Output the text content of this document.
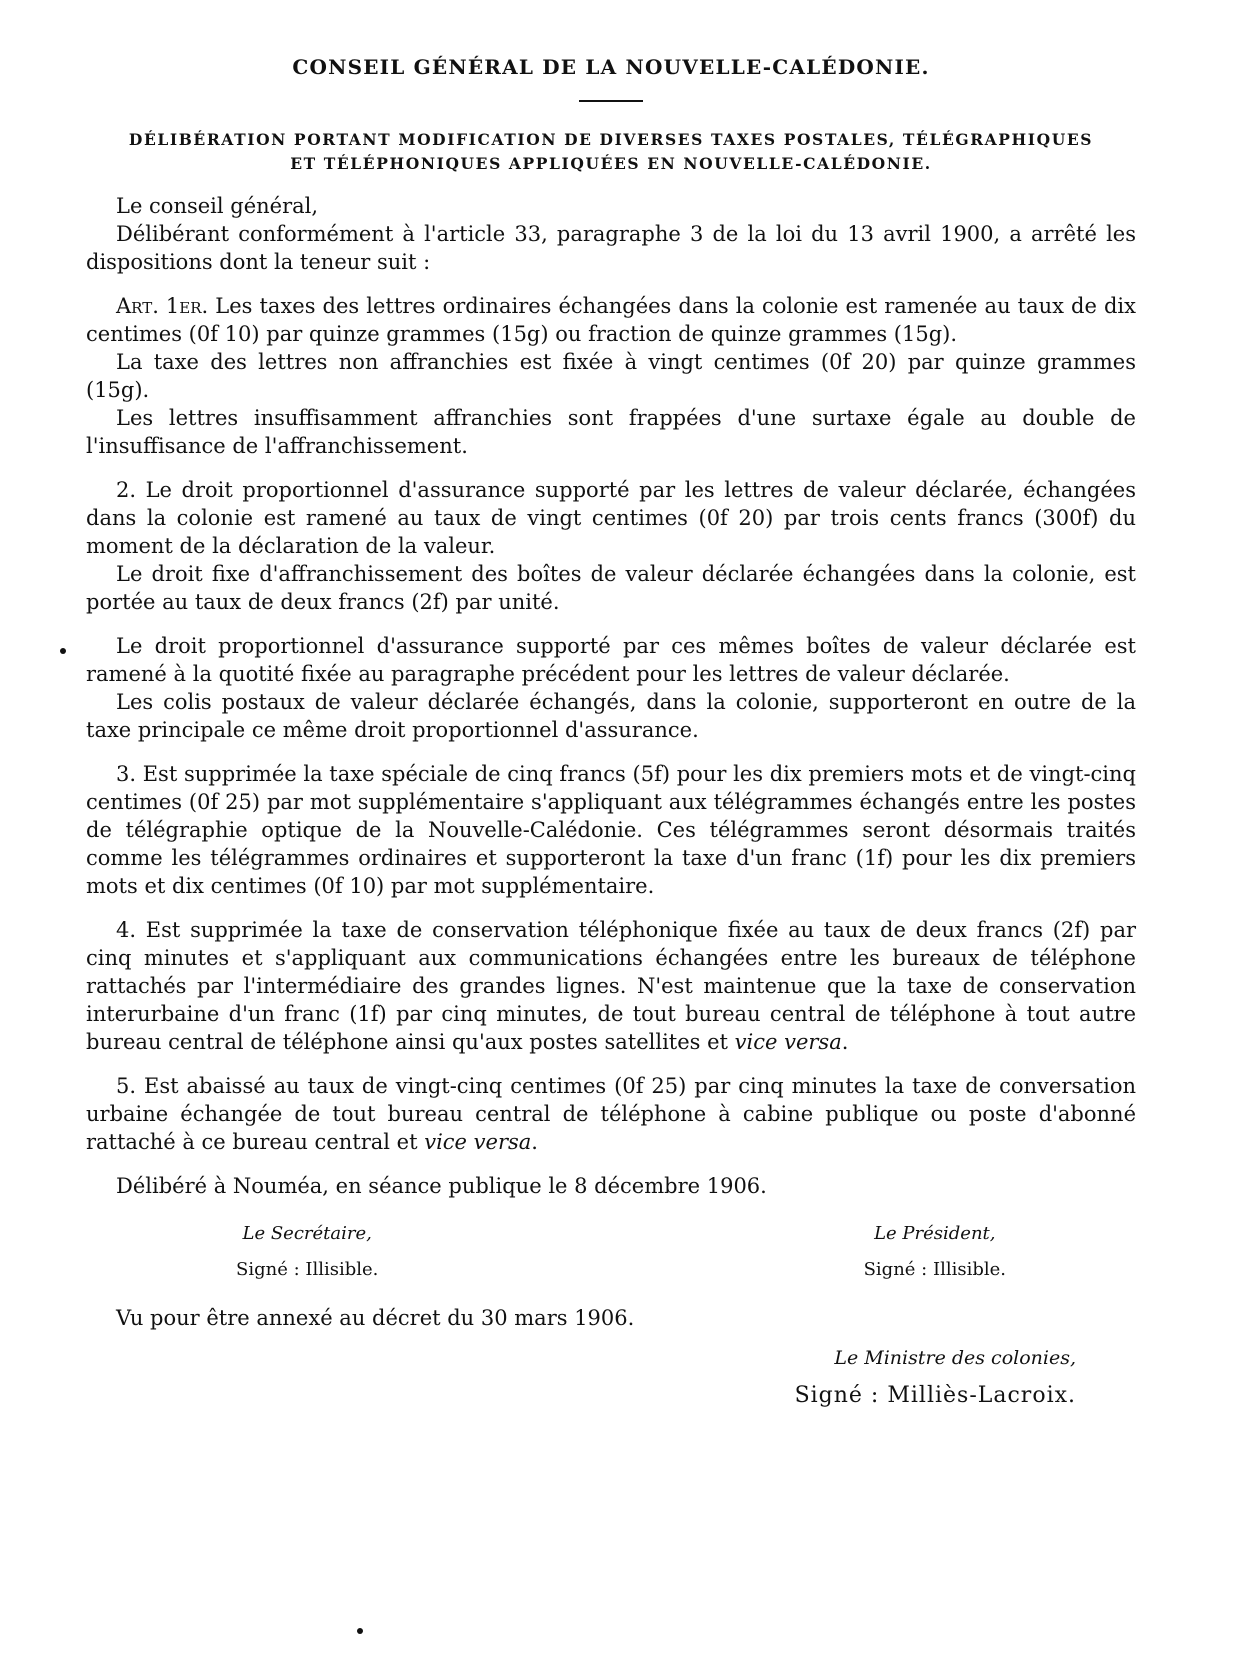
CONSEIL GÉNÉRAL DE LA NOUVELLE-CALÉDONIE.
DÉLIBÉRATION PORTANT MODIFICATION DE DIVERSES TAXES POSTALES, TÉLÉGRAPHIQUES
ET TÉLÉPHONIQUES APPLIQUÉES EN NOUVELLE-CALÉDONIE.

Le conseil général,

Délibérant conformément à l'article 33, paragraphe 3 de la loi du 13 avril 1900, a arrêté les dispositions dont la teneur suit :

Art. 1er. Les taxes des lettres ordinaires échangées dans la colonie est ramenée au taux de dix centimes (0f 10) par quinze grammes (15g) ou fraction de quinze grammes (15g).

La taxe des lettres non affranchies est fixée à vingt centimes (0f 20) par quinze grammes (15g).

Les lettres insuffisamment affranchies sont frappées d'une surtaxe égale au double de l'insuffisance de l'affranchissement.

2. Le droit proportionnel d'assurance supporté par les lettres de valeur déclarée, échangées dans la colonie est ramené au taux de vingt centimes (0f 20) par trois cents francs (300f) du moment de la déclaration de la valeur.

Le droit fixe d'affranchissement des boîtes de valeur déclarée échangées dans la colonie, est portée au taux de deux francs (2f) par unité.

Le droit proportionnel d'assurance supporté par ces mêmes boîtes de valeur déclarée est ramené à la quotité fixée au paragraphe précédent pour les lettres de valeur déclarée.

Les colis postaux de valeur déclarée échangés, dans la colonie, supporteront en outre de la taxe principale ce même droit proportionnel d'assurance.

3. Est supprimée la taxe spéciale de cinq francs (5f) pour les dix premiers mots et de vingt-cinq centimes (0f 25) par mot supplémentaire s'appliquant aux télégrammes échangés entre les postes de télégraphie optique de la Nouvelle-Calédonie. Ces télégrammes seront désormais traités comme les télégrammes ordinaires et supporteront la taxe d'un franc (1f) pour les dix premiers mots et dix centimes (0f 10) par mot supplémentaire.

4. Est supprimée la taxe de conservation téléphonique fixée au taux de deux francs (2f) par cinq minutes et s'appliquant aux communications échangées entre les bureaux de téléphone rattachés par l'intermédiaire des grandes lignes. N'est maintenue que la taxe de conservation interurbaine d'un franc (1f) par cinq minutes, de tout bureau central de téléphone à tout autre bureau central de téléphone ainsi qu'aux postes satellites et vice versa.

5. Est abaissé au taux de vingt-cinq centimes (0f 25) par cinq minutes la taxe de conversation urbaine échangée de tout bureau central de téléphone à cabine publique ou poste d'abonné rattaché à ce bureau central et vice versa.

Délibéré à Nouméa, en séance publique le 8 décembre 1906.

Le Secrétaire,
Signé : Illisible.
Le Président,
Signé : Illisible.

Vu pour être annexé au décret du 30 mars 1906.

Le Ministre des colonies,
Signé : Milliès-Lacroix.
